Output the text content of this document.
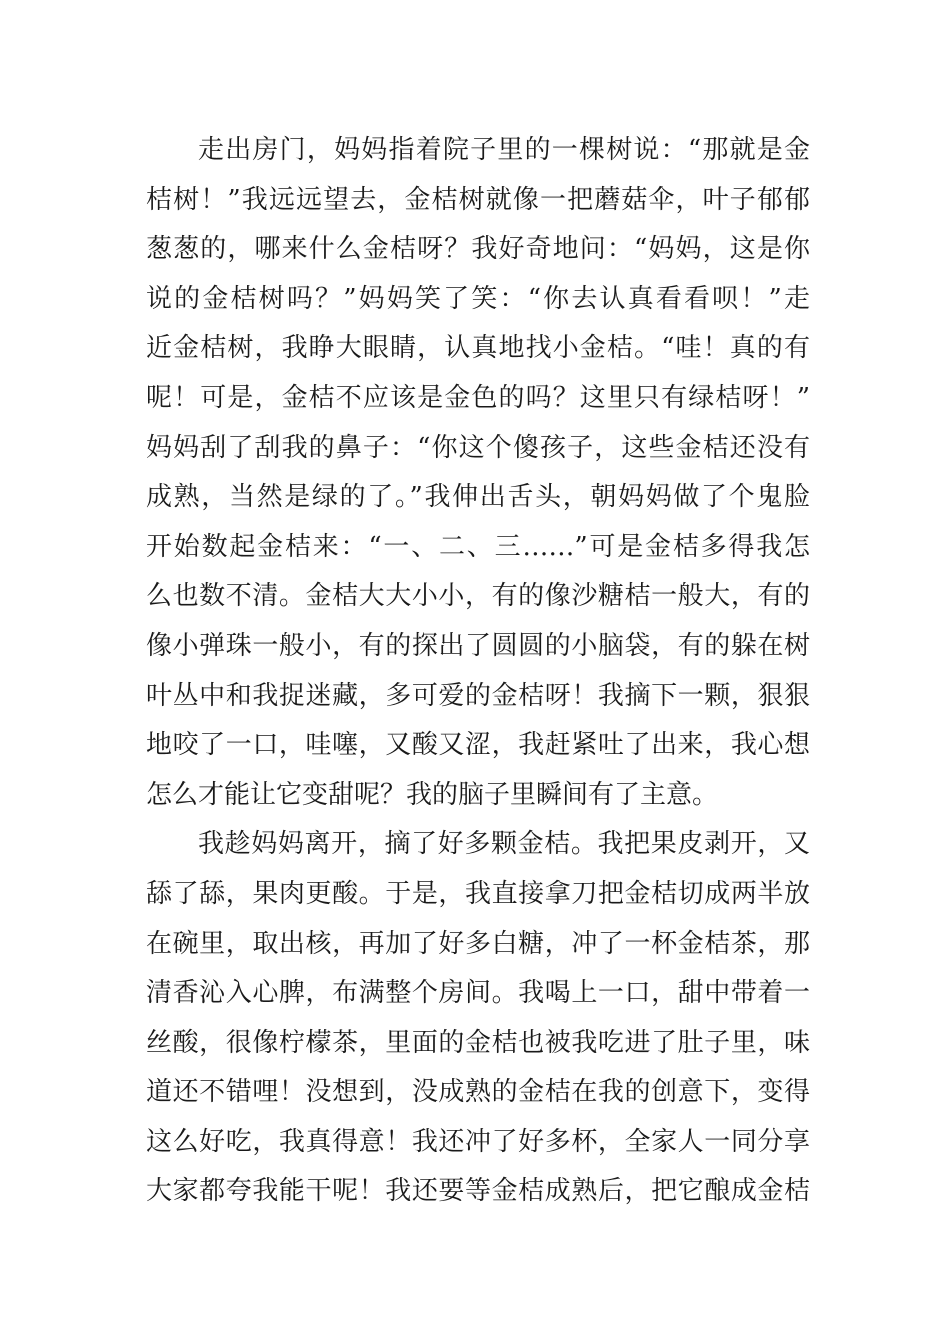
走出房门，妈妈指着院子里的一棵树说：“那就是金
桔树！”我远远望去，金桔树就像一把蘑菇伞，叶子郁郁
葱葱的，哪来什么金桔呀？我好奇地问：“妈妈，这是你
说的金桔树吗？”妈妈笑了笑：“你去认真看看呗！”走
近金桔树，我睁大眼睛，认真地找小金桔。“哇！真的有
呢！可是，金桔不应该是金色的吗？这里只有绿桔呀！”
妈妈刮了刮我的鼻子：“你这个傻孩子，这些金桔还没有
成熟，当然是绿的了。”我伸出舌头，朝妈妈做了个鬼脸
开始数起金桔来：“一、二、三……”可是金桔多得我怎
么也数不清。金桔大大小小，有的像沙糖桔一般大，有的
像小弹珠一般小，有的探出了圆圆的小脑袋，有的躲在树
叶丛中和我捉迷藏，多可爱的金桔呀！我摘下一颗，狠狠
地咬了一口，哇噻，又酸又涩，我赶紧吐了出来，我心想
怎么才能让它变甜呢？我的脑子里瞬间有了主意。
我趁妈妈离开，摘了好多颗金桔。我把果皮剥开，又
舔了舔，果肉更酸。于是，我直接拿刀把金桔切成两半放
在碗里，取出核，再加了好多白糖，冲了一杯金桔茶，那
清香沁入心脾，布满整个房间。我喝上一口，甜中带着一
丝酸，很像柠檬茶，里面的金桔也被我吃进了肚子里，味
道还不错哩！没想到，没成熟的金桔在我的创意下，变得
这么好吃，我真得意！我还冲了好多杯，全家人一同分享
大家都夸我能干呢！我还要等金桔成熟后，把它酿成金桔
